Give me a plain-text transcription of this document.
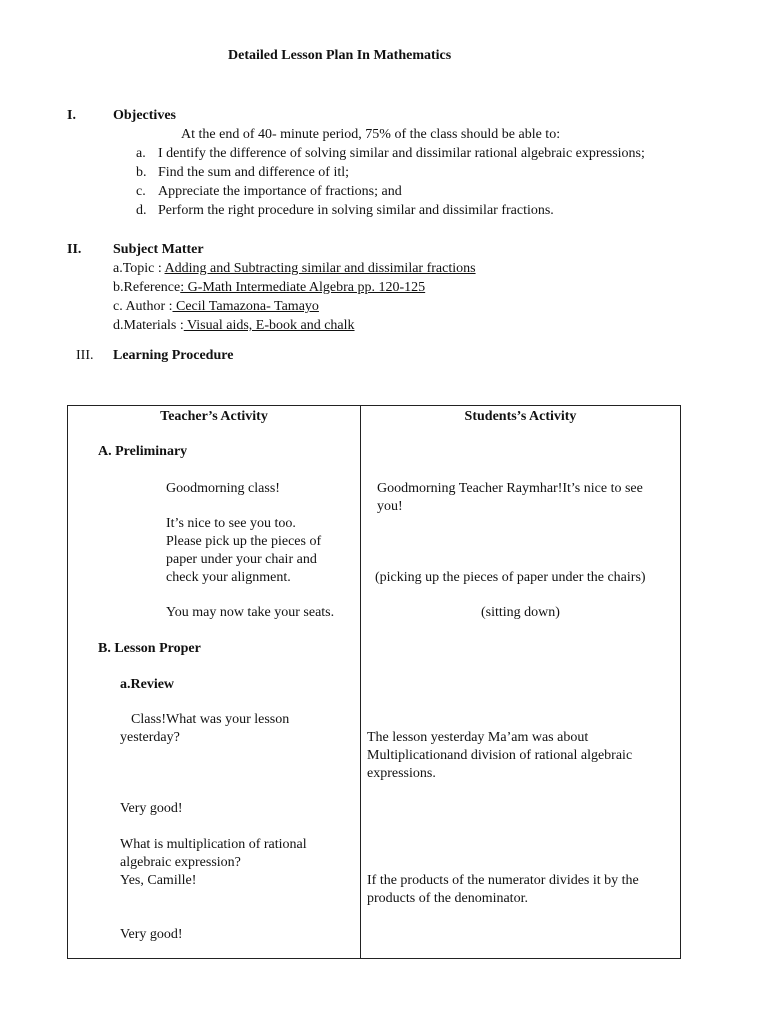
Detailed Lesson Plan In Mathematics
I.	Objectives
At the end of 40- minute period, 75% of the class should be able to:
a. I dentify the difference of solving similar and dissimilar rational algebraic expressions;
b. Find the sum and difference of itl;
c. Appreciate the importance of fractions; and
d. Perform the right procedure in solving similar and dissimilar fractions.
II. Subject Matter
a.Topic : Adding and Subtracting similar and dissimilar fractions
b.Reference: G-Math Intermediate Algebra pp. 120-125
c. Author : Cecil Tamazona- Tamayo
d.Materials : Visual aids, E-book and chalk
III. Learning Procedure
Teacher’s Activity	Students’s Activity
A. Preliminary
Goodmorning class!	Goodmorning Teacher Raymhar!It’s nice to see
you!
It’s nice to see you too.
Please pick up the pieces of
paper under your chair and
check your alignment.	(picking up the pieces of paper under the chairs)
You may now take your seats.	(sitting down)
B. Lesson Proper
a.Review
Class!What was your lesson
yesterday?	The lesson yesterday Ma’am was about
Multiplicationand division of rational algebraic
expressions.
Very good!
What is multiplication of rational
algebraic expression?
Yes, Camille!	If the products of the numerator divides it by the
products of the denominator.
Very good!
